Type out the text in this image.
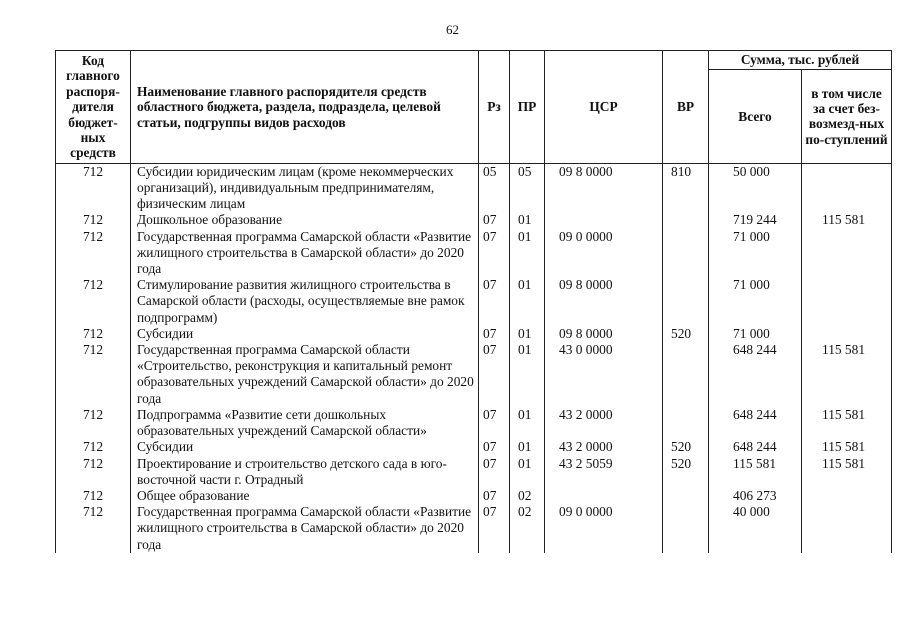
62
Код главного распоря-дителя бюджет-ных средств	Наименование главного распорядителя средств областного бюджета, раздела, подраздела, целевой статьи, подгруппы видов расходов	Рз	ПР	ЦСР	ВР	Сумма, тыс. рублей	
						Всего	в том числе за счет без-возмезд-ных по-ступлений
712	Субсидии юридическим лицам (кроме некоммерческих организаций), индивидуальным предпринимателям, физическим лицам	05	05	09 8 0000	810	50 000	
712	Дошкольное образование	07	01			719 244	115 581
712	Государственная программа Самарской области «Развитие жилищного строительства в Самарской области» до 2020 года	07	01	09 0 0000		71 000	
712	Стимулирование развития жилищного строительства в Самарской области (расходы, осуществляемые вне рамок подпрограмм)	07	01	09 8 0000		71 000	
712	Субсидии	07	01	09 8 0000	520	71 000	
712	Государственная программа Самарской области «Строительство, реконструкция и капитальный ремонт образовательных учреждений Самарской области» до 2020 года	07	01	43 0 0000		648 244	115 581
712	Подпрограмма «Развитие сети дошкольных образовательных учреждений Самарской области»	07	01	43 2 0000		648 244	115 581
712	Субсидии	07	01	43 2 0000	520	648 244	115 581
712	Проектирование и строительство детского сада в юго-восточной части г. Отрадный	07	01	43 2 5059	520	115 581	115 581
712	Общее образование	07	02			406 273	
712	Государственная программа Самарской области «Развитие жилищного строительства в Самарской области» до 2020 года	07	02	09 0 0000		40 000	
